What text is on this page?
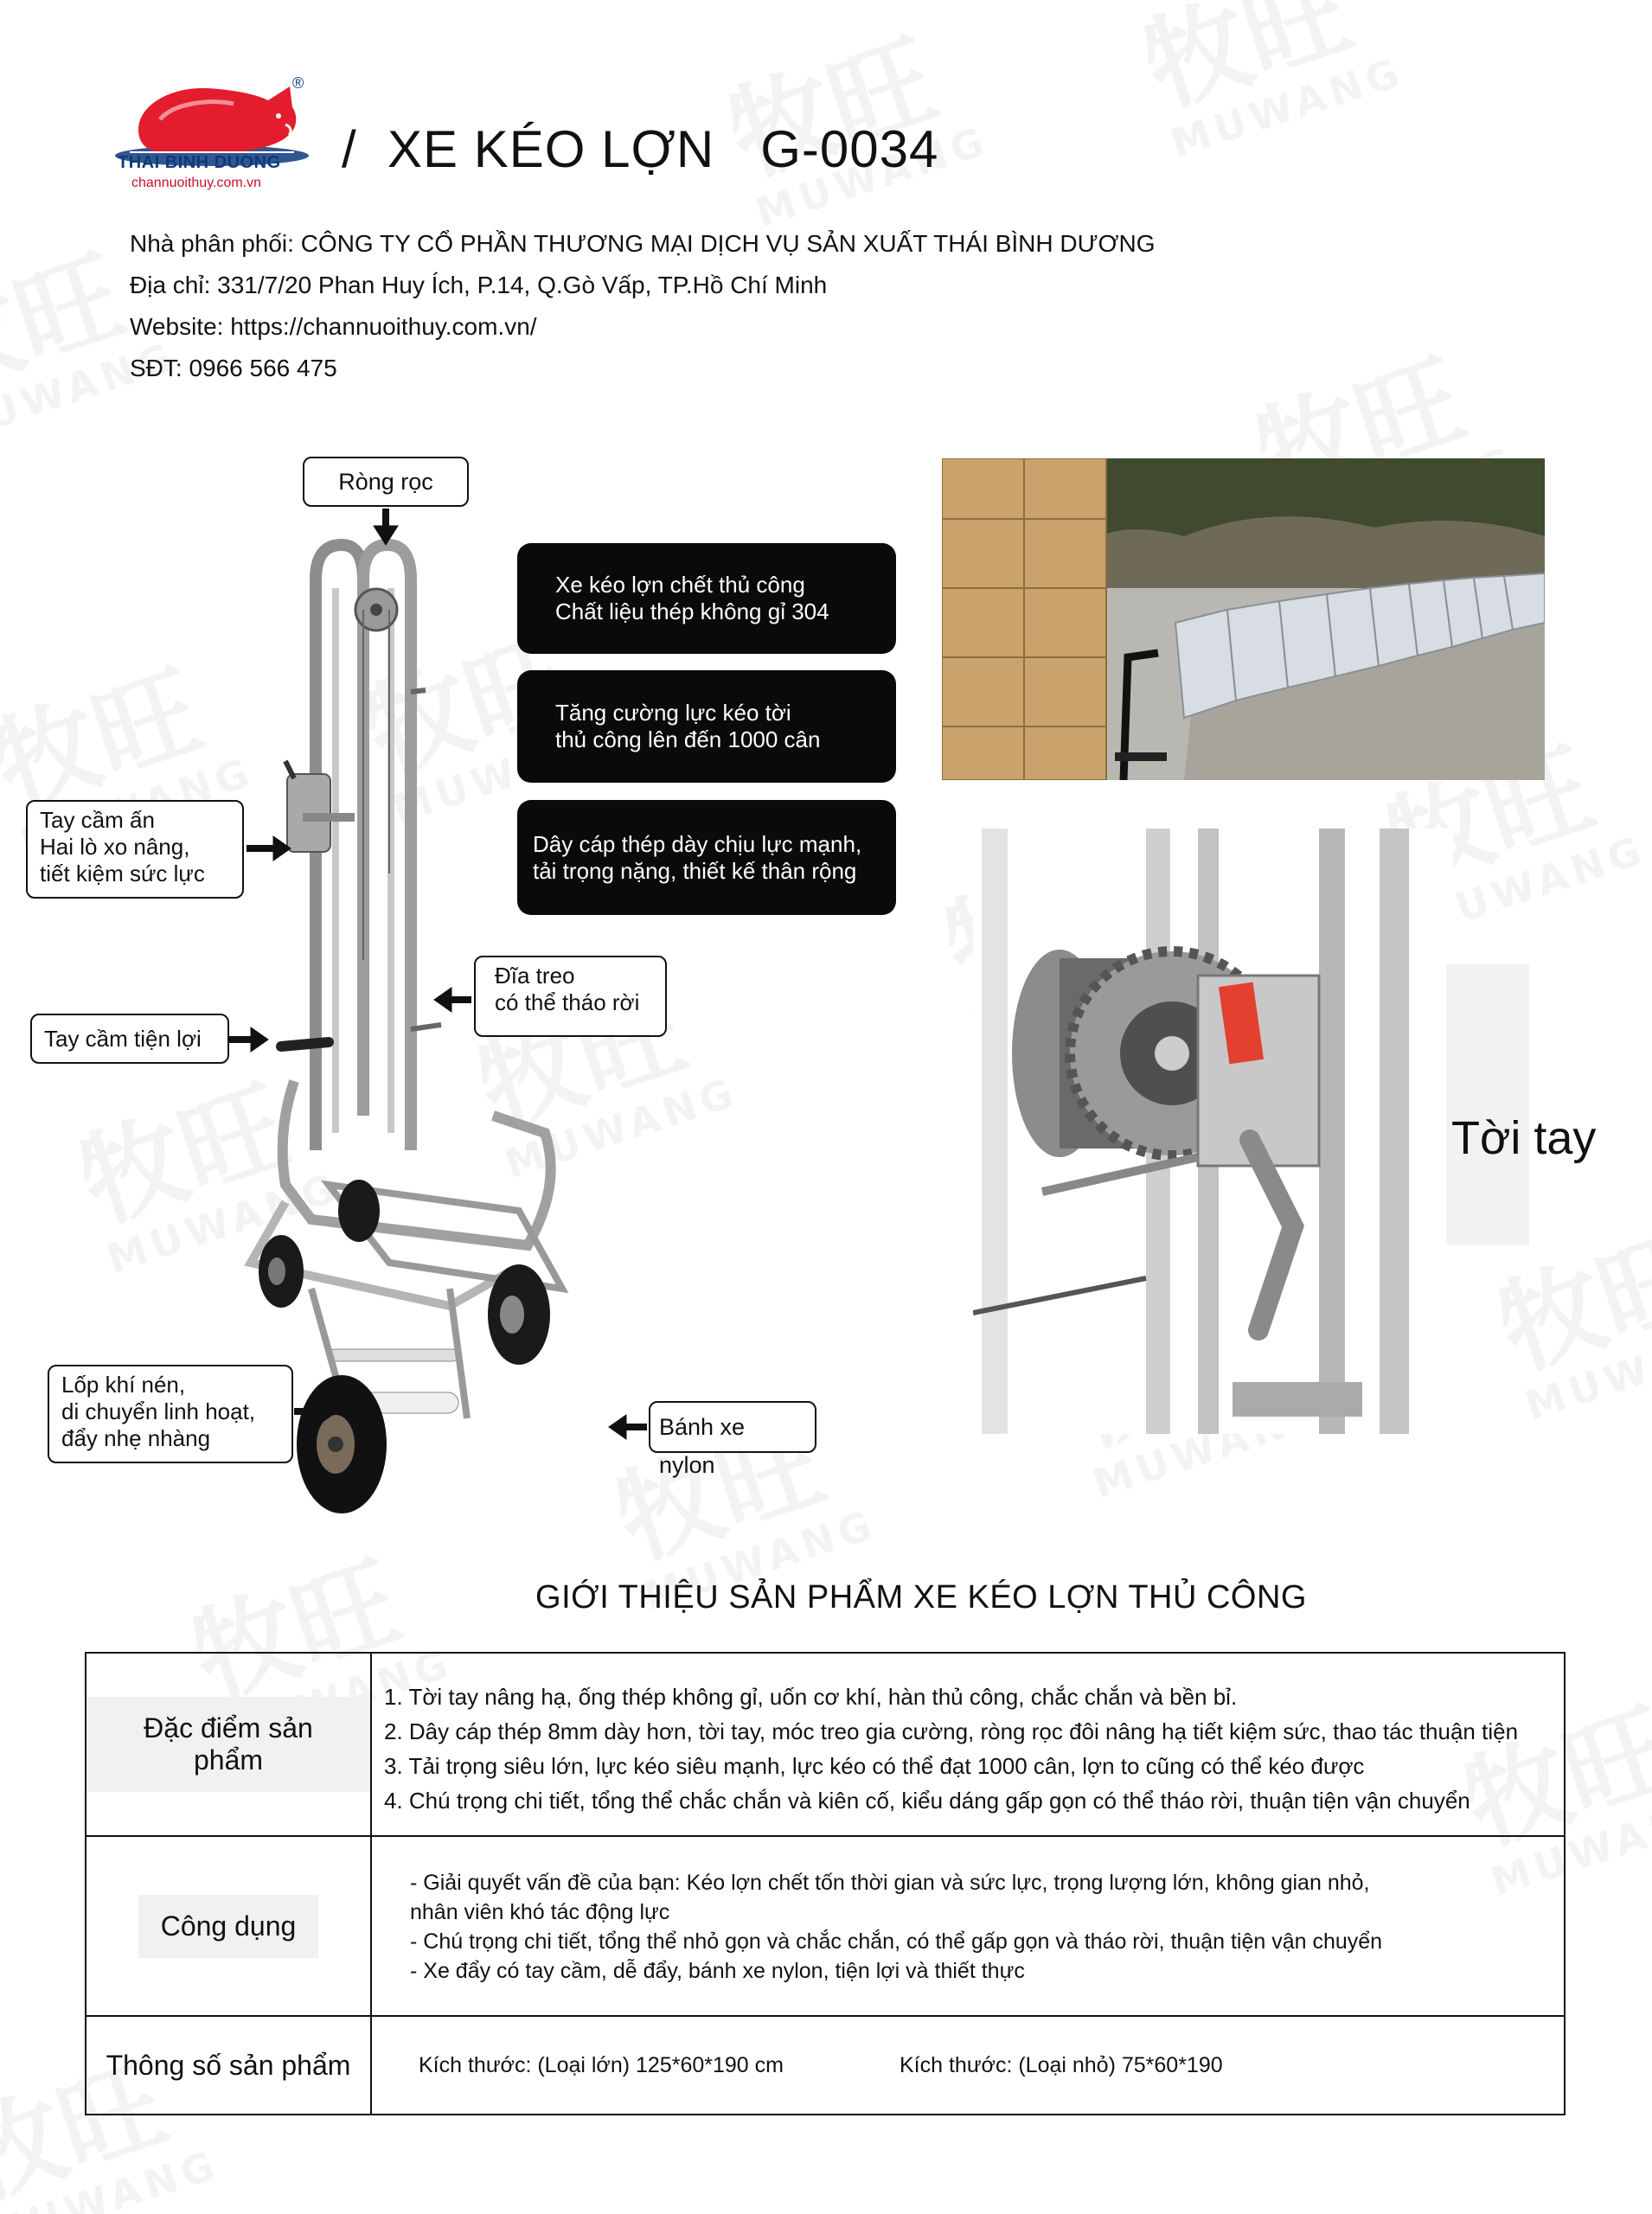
®
THAI BINH DUONG
channuoithuy.com.vn
/  XE KÉO LỢN   G-0034
Nhà phân phối: CÔNG TY CỔ PHẦN THƯƠNG MẠI DỊCH VỤ SẢN XUẤT THÁI BÌNH DƯƠNG
Địa chỉ: 331/7/20 Phan Huy Ích, P.14, Q.Gò Vấp, TP.Hồ Chí Minh
Website: https://channuoithuy.com.vn/
SĐT: 0966 566 475
Ròng rọc
Tay cầm ấn
Hai lò xo nâng,
tiết kiệm sức lực
Tay cầm tiện lợi
Đĩa treo
có thể tháo rời
Lốp khí nén,
di chuyển linh hoạt,
đẩy nhẹ nhàng	Bánh xe nylon
Xe kéo lợn chết thủ công
Chất liệu thép không gỉ 304
Tăng cường lực kéo tời
thủ công lên đến 1000 cân
Dây cáp thép dày chịu lực mạnh,
tải trọng nặng, thiết kế thân rộng
Tời tay
GIỚI THIỆU SẢN PHẨM XE KÉO LỢN THỦ CÔNG
Đặc điểm sản phẩm	1. Tời tay nâng hạ, ống thép không gỉ, uốn cơ khí, hàn thủ công, chắc chắn và bền bỉ.
2. Dây cáp thép 8mm dày hơn, tời tay, móc treo gia cường, ròng rọc đôi nâng hạ tiết kiệm sức, thao tác thuận tiện
3. Tải trọng siêu lớn, lực kéo siêu mạnh, lực kéo có thể đạt 1000 cân, lợn to cũng có thể kéo được
4. Chú trọng chi tiết, tổng thể chắc chắn và kiên cố, kiểu dáng gấp gọn có thể tháo rời, thuận tiện vận chuyển

Công dụng	- Giải quyết vấn đề của bạn: Kéo lợn chết tốn thời gian và sức lực, trọng lượng lớn, không gian nhỏ,
nhân viên khó tác động lực
- Chú trọng chi tiết, tổng thể nhỏ gọn và chắc chắn, có thể gấp gọn và tháo rời, thuận tiện vận chuyển
- Xe đẩy có tay cầm, dễ đẩy, bánh xe nylon, tiện lợi và thiết thực

Thông số sản phẩm	Kích thước: (Loại lớn) 125*60*190 cm Kích thước: (Loại nhỏ) 75*60*190
